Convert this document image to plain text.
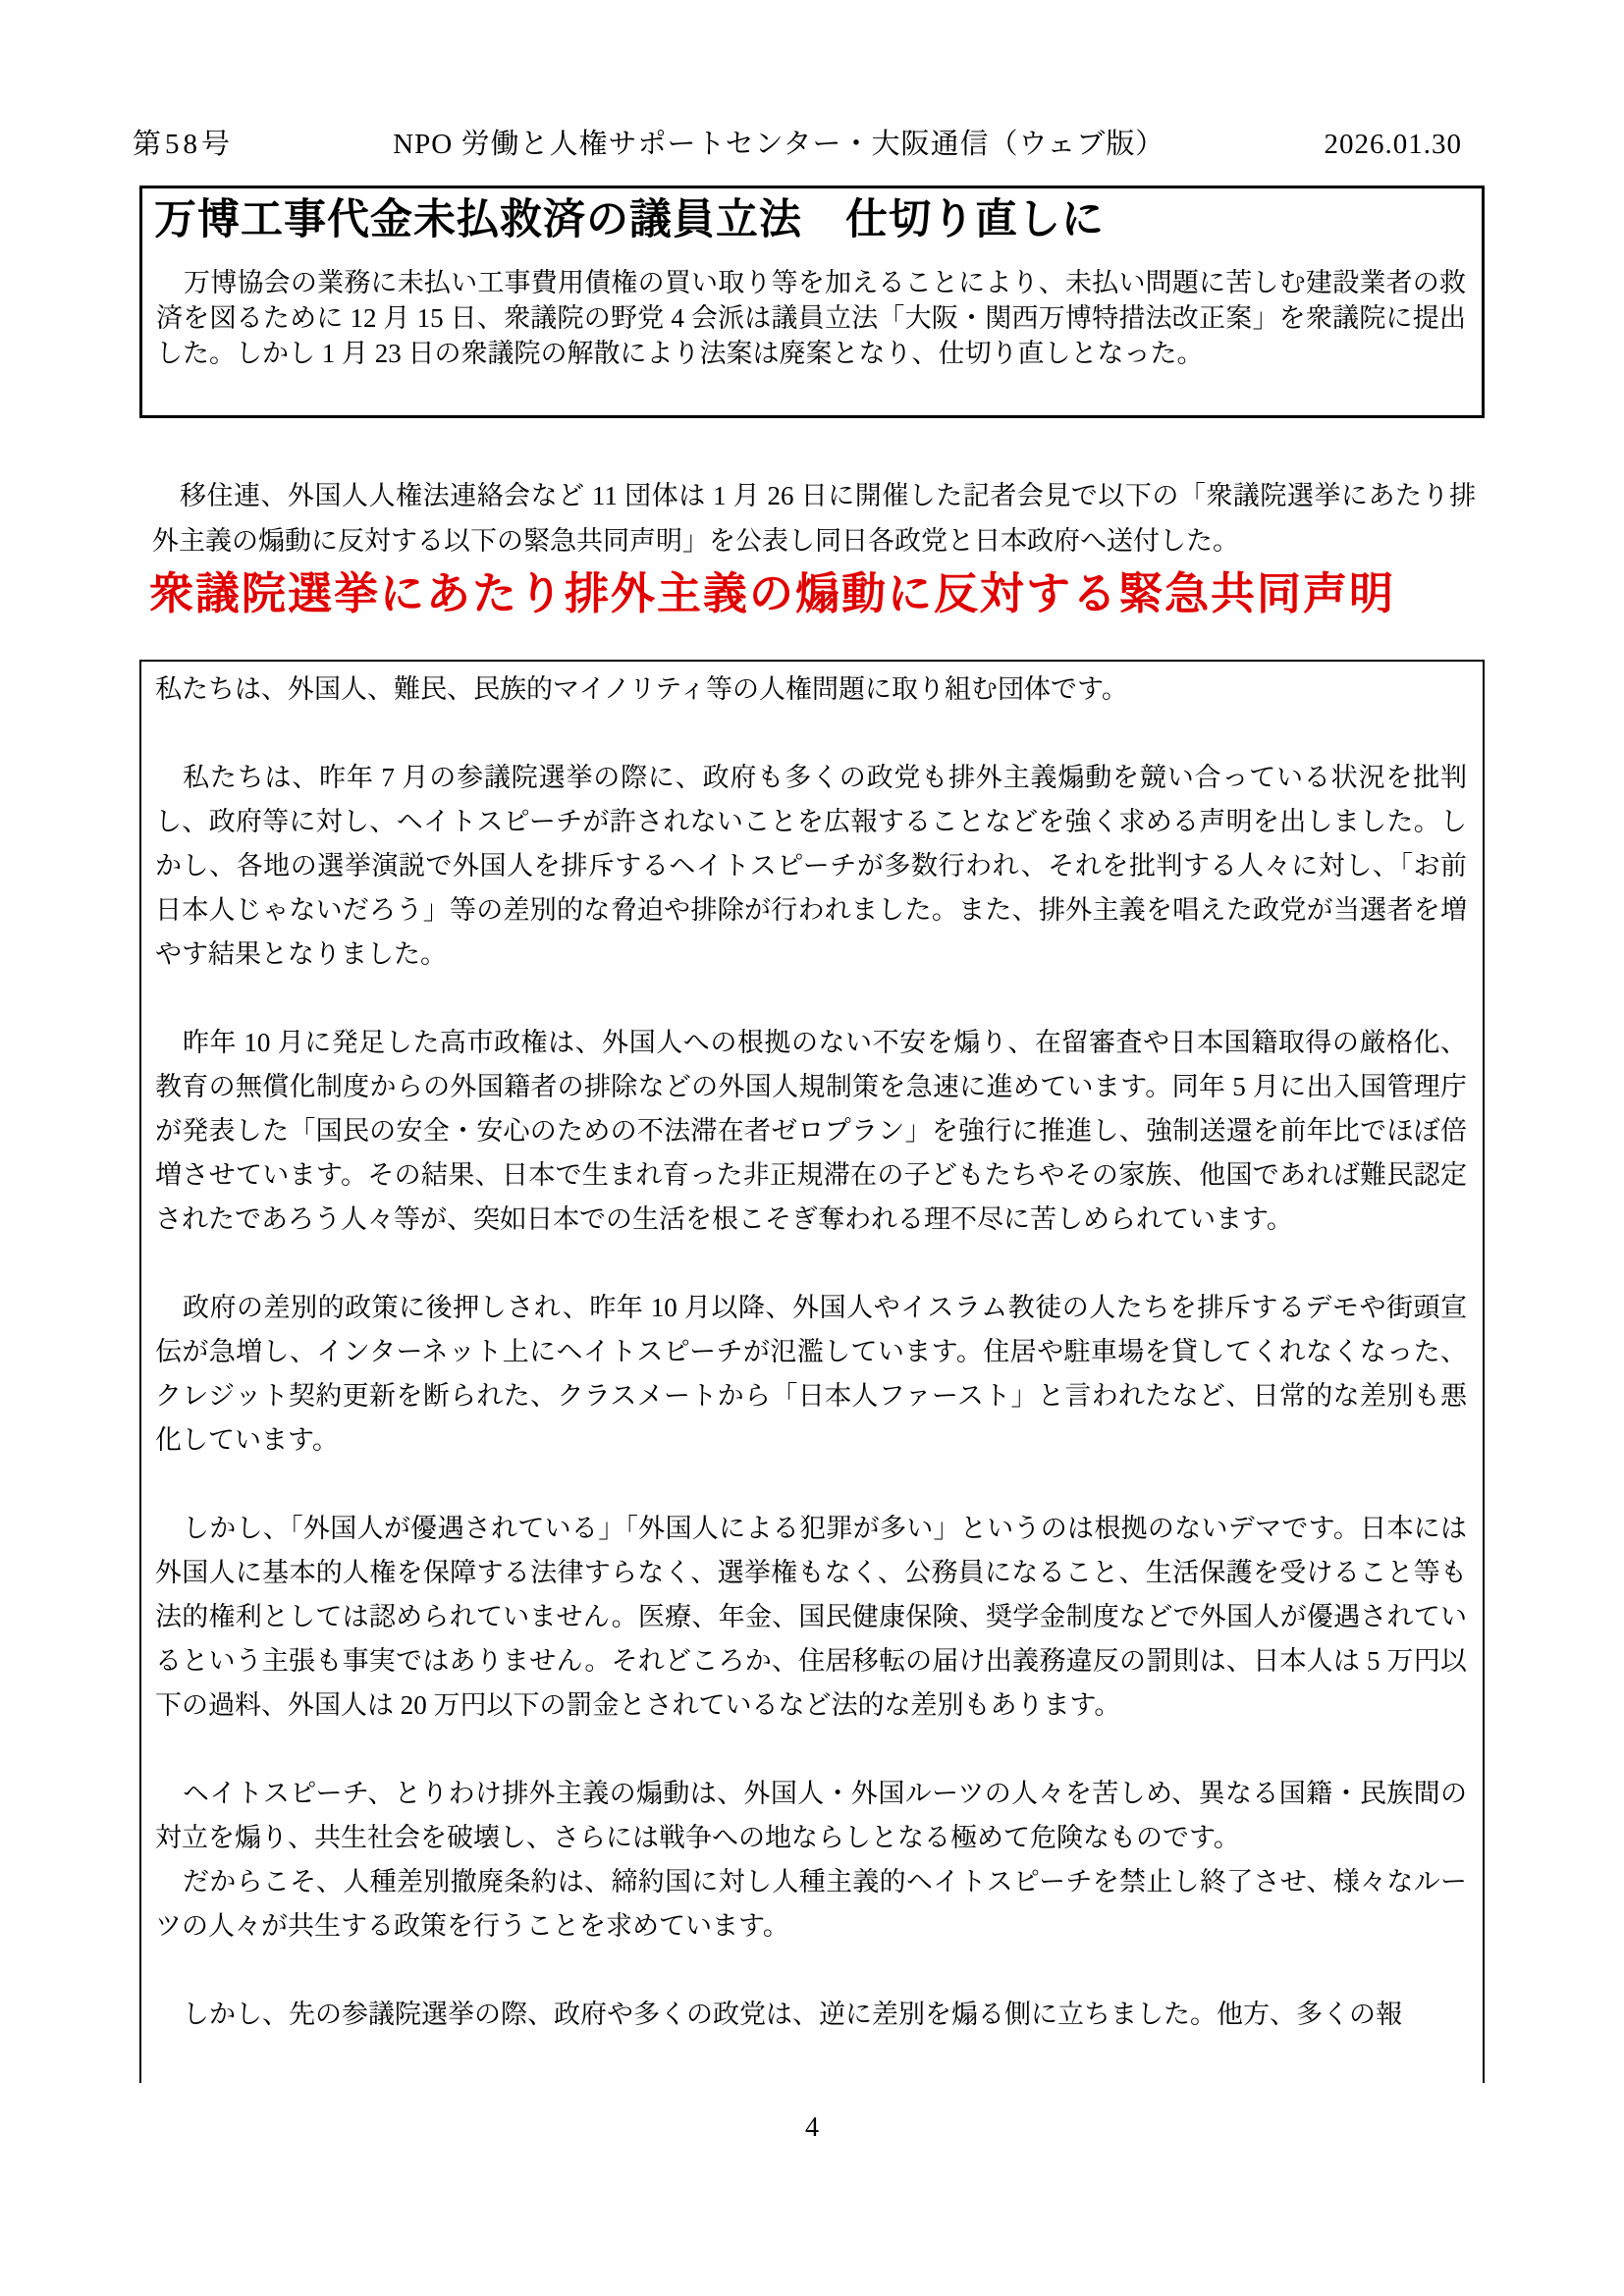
第58号	NPO 労働と人権サポートセンター・大阪通信（ウェブ版）	2026.01.30
万博工事代金未払救済の議員立法　仕切り直しに

万博協会の業務に未払い工事費用債権の買い取り等を加えることにより、未払い問題に苦しむ建設業者の救済を図るために 12 月 15 日、衆議院の野党 4 会派は議員立法「大阪・関西万博特措法改正案」を衆議院に提出した。しかし 1 月 23 日の衆議院の解散により法案は廃案となり、仕切り直しとなった。

移住連、外国人人権法連絡会など 11 団体は 1 月 26 日に開催した記者会見で以下の「衆議院選挙にあたり排外主義の煽動に反対する以下の緊急共同声明」を公表し同日各政党と日本政府へ送付した。

衆議院選挙にあたり排外主義の煽動に反対する緊急共同声明

私たちは、外国人、難民、民族的マイノリティ等の人権問題に取り組む団体です。

私たちは、昨年 7 月の参議院選挙の際に、政府も多くの政党も排外主義煽動を競い合っている状況を批判し、政府等に対し、ヘイトスピーチが許されないことを広報することなどを強く求める声明を出しました。しかし、各地の選挙演説で外国人を排斥するヘイトスピーチが多数行われ、それを批判する人々に対し、「お前日本人じゃないだろう」等の差別的な脅迫や排除が行われました。また、排外主義を唱えた政党が当選者を増やす結果となりました。

昨年 10 月に発足した高市政権は、外国人への根拠のない不安を煽り、在留審査や日本国籍取得の厳格化、教育の無償化制度からの外国籍者の排除などの外国人規制策を急速に進めています。同年 5 月に出入国管理庁が発表した「国民の安全・安心のための不法滞在者ゼロプラン」を強行に推進し、強制送還を前年比でほぼ倍増させています。その結果、日本で生まれ育った非正規滞在の子どもたちやその家族、他国であれば難民認定されたであろう人々等が、突如日本での生活を根こそぎ奪われる理不尽に苦しめられています。

政府の差別的政策に後押しされ、昨年 10 月以降、外国人やイスラム教徒の人たちを排斥するデモや街頭宣伝が急増し、インターネット上にヘイトスピーチが氾濫しています。住居や駐車場を貸してくれなくなった、クレジット契約更新を断られた、クラスメートから「日本人ファースト」と言われたなど、日常的な差別も悪化しています。

しかし、「外国人が優遇されている」「外国人による犯罪が多い」というのは根拠のないデマです。日本には外国人に基本的人権を保障する法律すらなく、選挙権もなく、公務員になること、生活保護を受けること等も法的権利としては認められていません。医療、年金、国民健康保険、奨学金制度などで外国人が優遇されているという主張も事実ではありません。それどころか、住居移転の届け出義務違反の罰則は、日本人は 5 万円以下の過料、外国人は 20 万円以下の罰金とされているなど法的な差別もあります。

ヘイトスピーチ、とりわけ排外主義の煽動は、外国人・外国ルーツの人々を苦しめ、異なる国籍・民族間の対立を煽り、共生社会を破壊し、さらには戦争への地ならしとなる極めて危険なものです。

だからこそ、人種差別撤廃条約は、締約国に対し人種主義的ヘイトスピーチを禁止し終了させ、様々なルーツの人々が共生する政策を行うことを求めています。

しかし、先の参議院選挙の際、政府や多くの政党は、逆に差別を煽る側に立ちました。他方、多くの報

4
